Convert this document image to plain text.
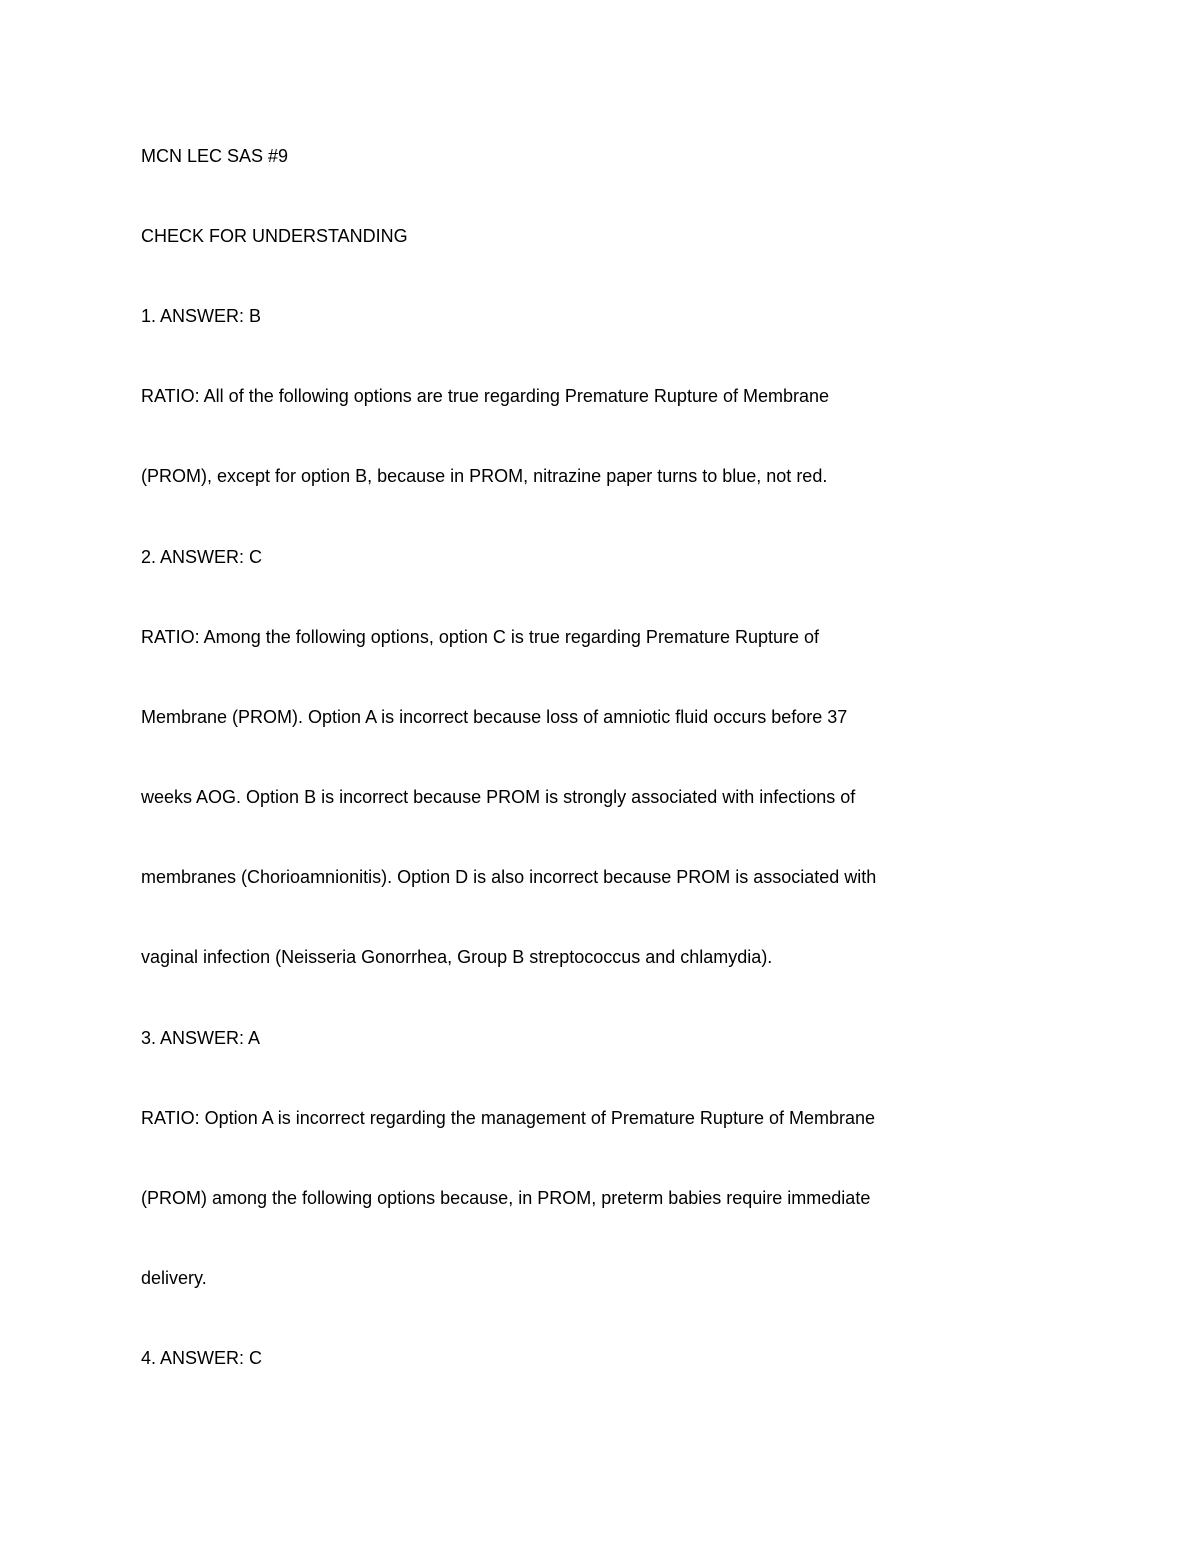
MCN LEC SAS #9

CHECK FOR UNDERSTANDING

1. ANSWER: B

RATIO: All of the following options are true regarding Premature Rupture of Membrane

(PROM), except for option B, because in PROM, nitrazine paper turns to blue, not red.

2. ANSWER: C

RATIO: Among the following options, option C is true regarding Premature Rupture of

Membrane (PROM). Option A is incorrect because loss of amniotic fluid occurs before 37

weeks AOG. Option B is incorrect because PROM is strongly associated with infections of

membranes (Chorioamnionitis). Option D is also incorrect because PROM is associated with

vaginal infection (Neisseria Gonorrhea, Group B streptococcus and chlamydia).

3. ANSWER: A

RATIO: Option A is incorrect regarding the management of Premature Rupture of Membrane

(PROM) among the following options because, in PROM, preterm babies require immediate

delivery.

4. ANSWER: C
